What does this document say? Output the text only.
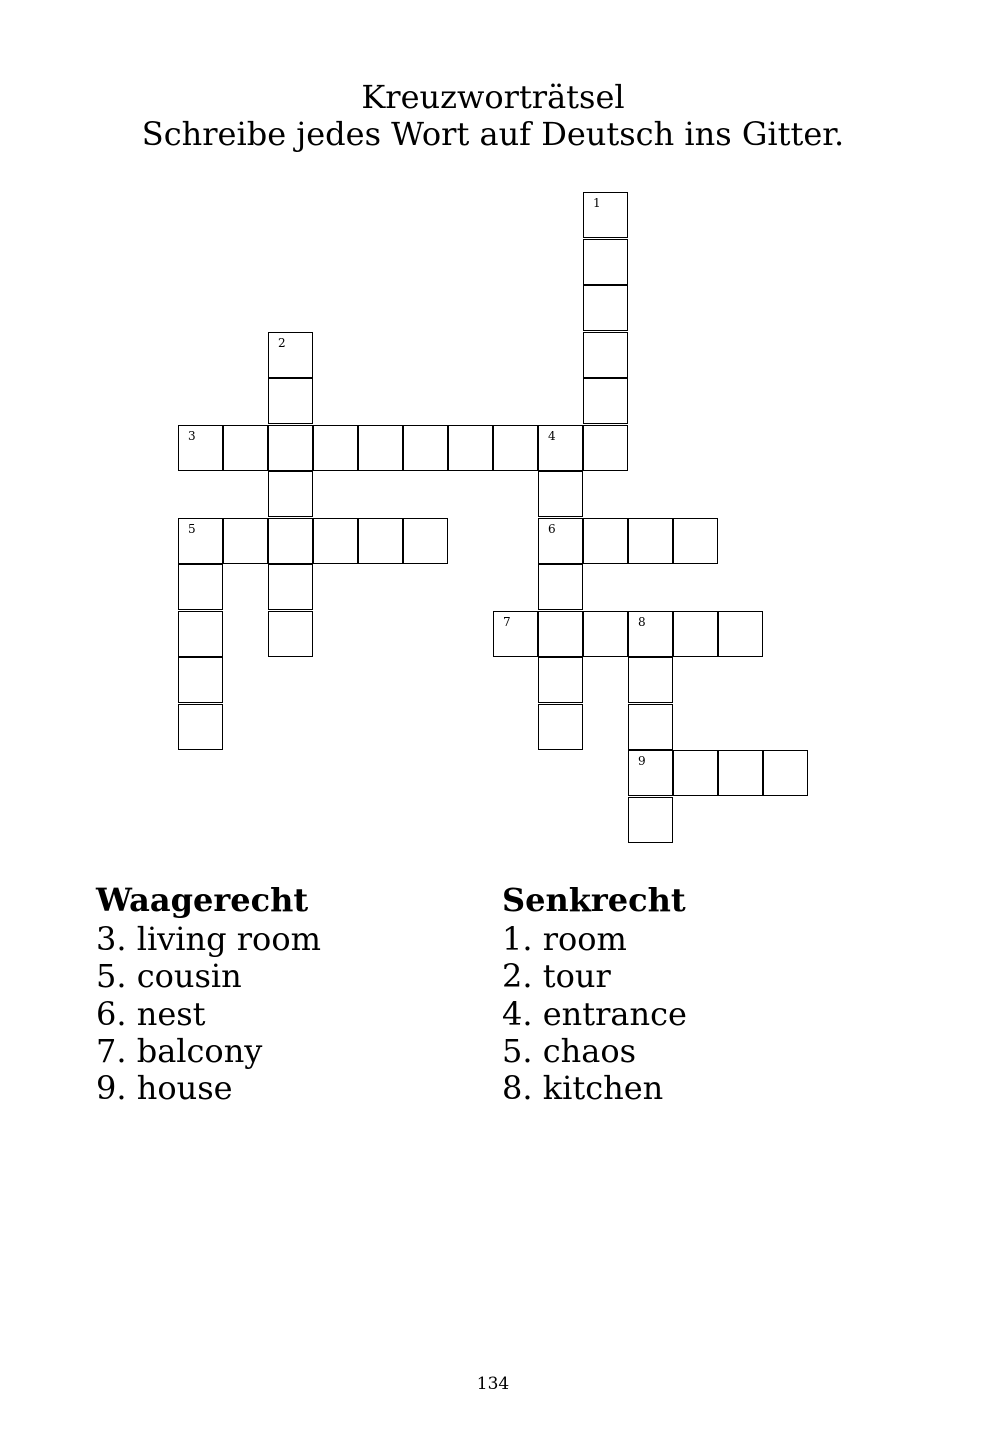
Kreuzworträtsel
Schreibe jedes Wort auf Deutsch ins Gitter.
1
2
3	4
6
5
7	8
9
Waagerecht
3. living room
5. cousin
6. nest
7. balcony
9. house
Senkrecht
1. room
2. tour
4. entrance
5. chaos
8. kitchen
134
